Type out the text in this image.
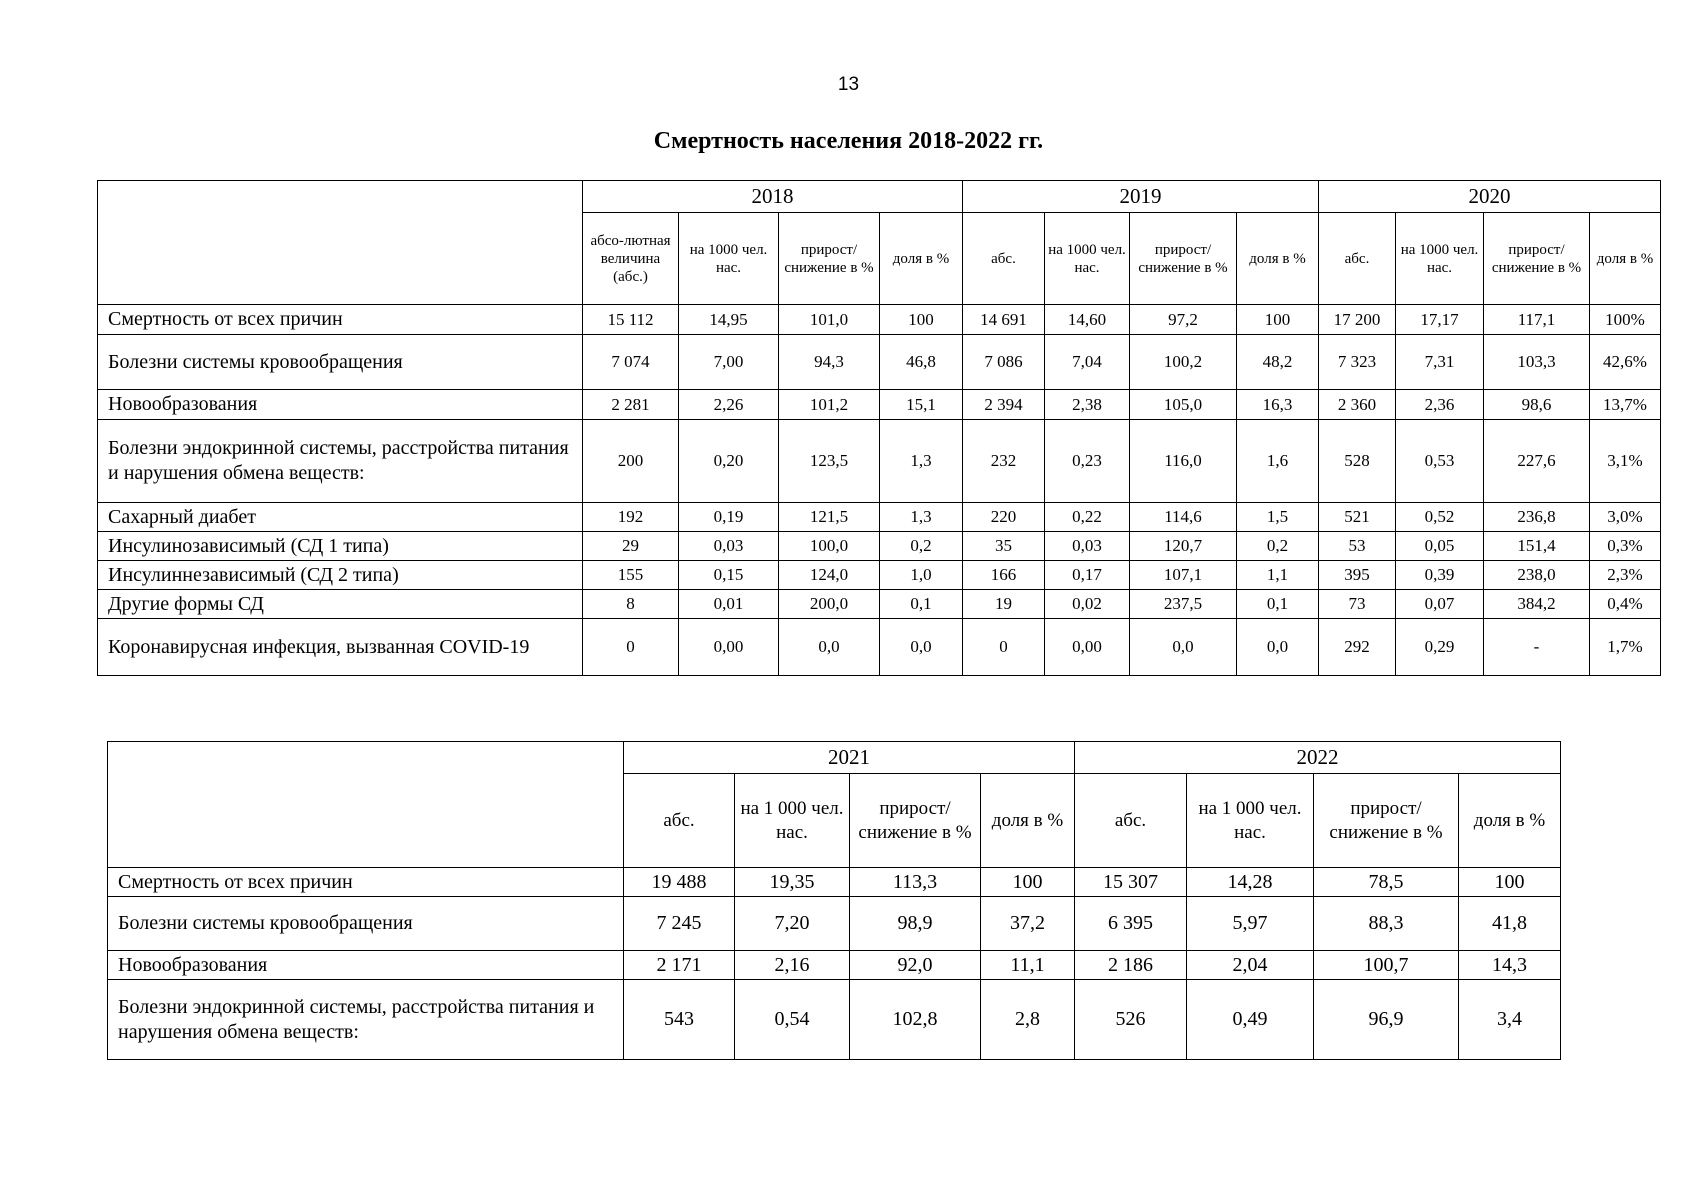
13
Смертность населения 2018-2022 гг.
	2018				2019				2020			
	абсо-лютная величина (абс.)	на 1000 чел. нас.	прирост/ снижение в %	доля в %	абс.	на 1000 чел. нас.	прирост/ снижение в %	доля в %	абс.	на 1000 чел. нас.	прирост/ снижение в %	доля в %
Смертность от всех причин	15 112	14,95	101,0	100	14 691	14,60	97,2	100	17 200	17,17	117,1	100%
Болезни системы кровообращения	7 074	7,00	94,3	46,8	7 086	7,04	100,2	48,2	7 323	7,31	103,3	42,6%
Новообразования	2 281	2,26	101,2	15,1	2 394	2,38	105,0	16,3	2 360	2,36	98,6	13,7%
Болезни эндокринной системы, расстройства питания и нарушения обмена веществ:	200	0,20	123,5	1,3	232	0,23	116,0	1,6	528	0,53	227,6	3,1%
Сахарный диабет	192	0,19	121,5	1,3	220	0,22	114,6	1,5	521	0,52	236,8	3,0%
Инсулинозависимый (СД 1 типа)	29	0,03	100,0	0,2	35	0,03	120,7	0,2	53	0,05	151,4	0,3%
Инсулиннезависимый (СД 2 типа)	155	0,15	124,0	1,0	166	0,17	107,1	1,1	395	0,39	238,0	2,3%
Другие формы СД	8	0,01	200,0	0,1	19	0,02	237,5	0,1	73	0,07	384,2	0,4%
Коронавирусная инфекция, вызванная COVID-19	0	0,00	0,0	0,0	0	0,00	0,0	0,0	292	0,29	-	1,7%
	2021				2022			
	абс.	на 1 000 чел. нас.	прирост/ снижение в %	доля в %	абс.	на 1 000 чел. нас.	прирост/ снижение в %	доля в %
Смертность от всех причин	19 488	19,35	113,3	100	15 307	14,28	78,5	100
Болезни системы кровообращения	7 245	7,20	98,9	37,2	6 395	5,97	88,3	41,8
Новообразования	2 171	2,16	92,0	11,1	2 186	2,04	100,7	14,3
Болезни эндокринной системы, расстройства питания и нарушения обмена веществ:	543	0,54	102,8	2,8	526	0,49	96,9	3,4
